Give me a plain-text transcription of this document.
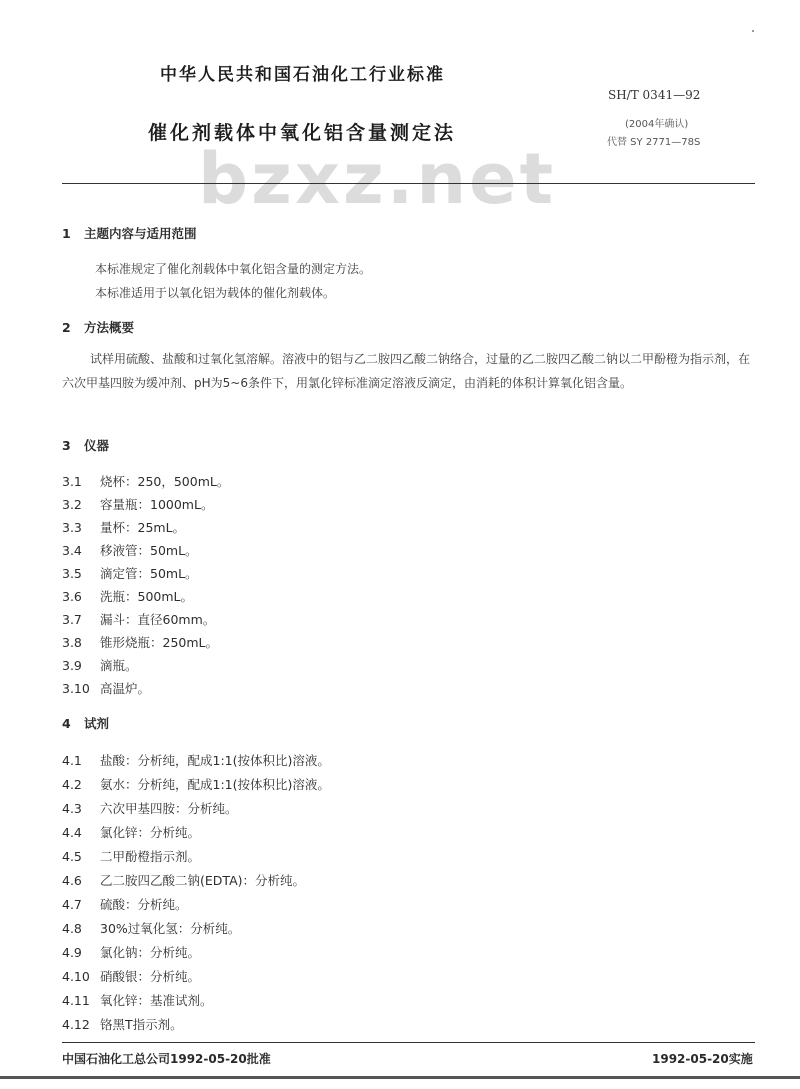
中华人民共和国石油化工行业标准
催化剂载体中氧化铝含量测定法
SH/T 0341—92
(2004年确认)
代替 SY 2771—78S
bzxz.net
1 主题内容与适用范围
本标准规定了催化剂载体中氧化铝含量的测定方法。
本标准适用于以氧化铝为载体的催化剂载体。
2 方法概要
试样用硫酸、盐酸和过氧化氢溶解。溶液中的铝与乙二胺四乙酸二钠络合，过量的乙二胺四乙酸二钠以二甲酚橙为指示剂，在六次甲基四胺为缓冲剂、pH为5~6条件下，用氯化锌标准滴定溶液反滴定，由消耗的体积计算氧化铝含量。
3 仪器
3.1 烧杯：250，500mL。
3.2 容量瓶：1000mL。
3.3 量杯：25mL。
3.4 移液管：50mL。
3.5 滴定管：50mL。
3.6 洗瓶：500mL。
3.7 漏斗：直径60mm。
3.8 锥形烧瓶：250mL。
3.9 滴瓶。
3.10 高温炉。
4 试剂
4.1 盐酸：分析纯，配成1:1(按体积比)溶液。
4.2 氨水：分析纯，配成1:1(按体积比)溶液。
4.3 六次甲基四胺：分析纯。
4.4 氯化锌：分析纯。
4.5 二甲酚橙指示剂。
4.6 乙二胺四乙酸二钠(EDTA)：分析纯。
4.7 硫酸：分析纯。
4.8 30%过氧化氢：分析纯。
4.9 氯化钠：分析纯。
4.10 硝酸银：分析纯。
4.11 氧化锌：基准试剂。
4.12 铬黑T指示剂。
中国石油化工总公司1992-05-20批准	1992-05-20实施
